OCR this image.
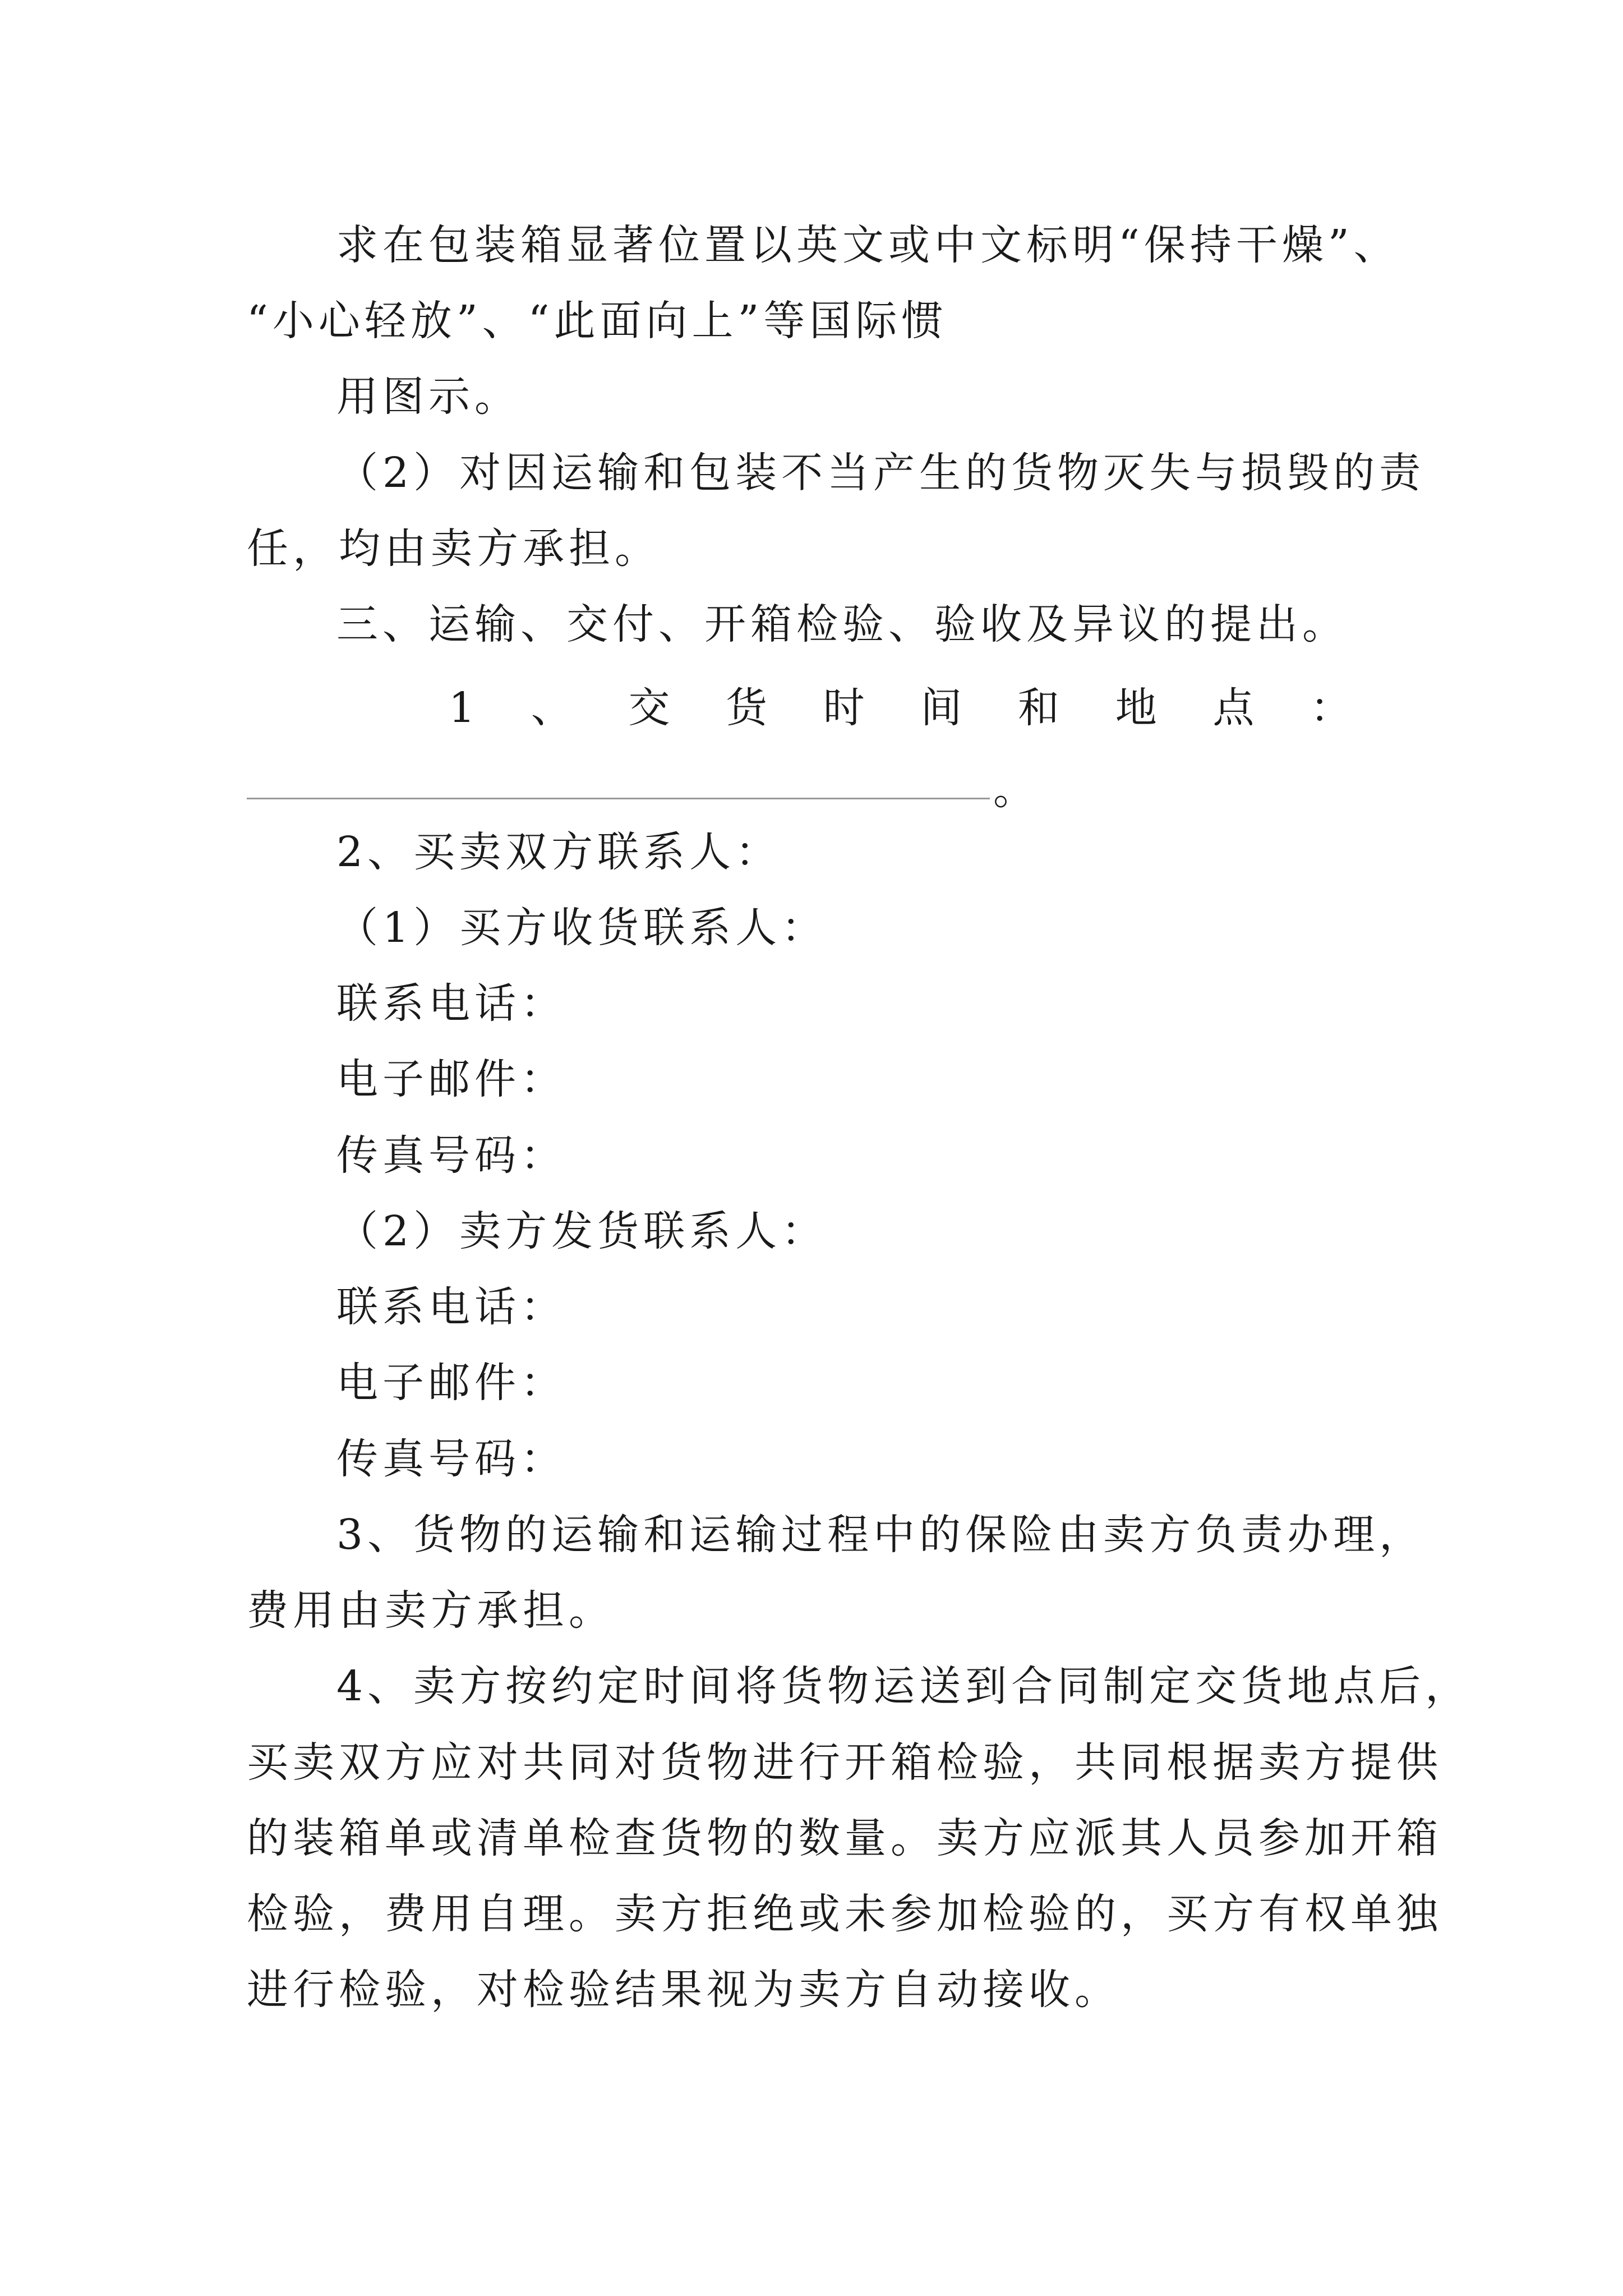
求在包装箱显著位置以英文或中文标明“保持干燥”、
“小心轻放”、“此面向上”等国际惯
用图示。
（2）对因运输和包装不当产生的货物灭失与损毁的责
任，均由卖方承担。
三、运输、交付、开箱检验、验收及异议的提出。
1 、 交 货 时 间 和 地 点 ：
。
2、买卖双方联系人：
（1）买方收货联系人：
联系电话：
电子邮件：
传真号码：
（2）卖方发货联系人：
联系电话：
电子邮件：
传真号码：
3、货物的运输和运输过程中的保险由卖方负责办理，
费用由卖方承担。
4、卖方按约定时间将货物运送到合同制定交货地点后，
买卖双方应对共同对货物进行开箱检验，共同根据卖方提供
的装箱单或清单检查货物的数量。卖方应派其人员参加开箱
检验，费用自理。卖方拒绝或未参加检验的，买方有权单独
进行检验，对检验结果视为卖方自动接收。
